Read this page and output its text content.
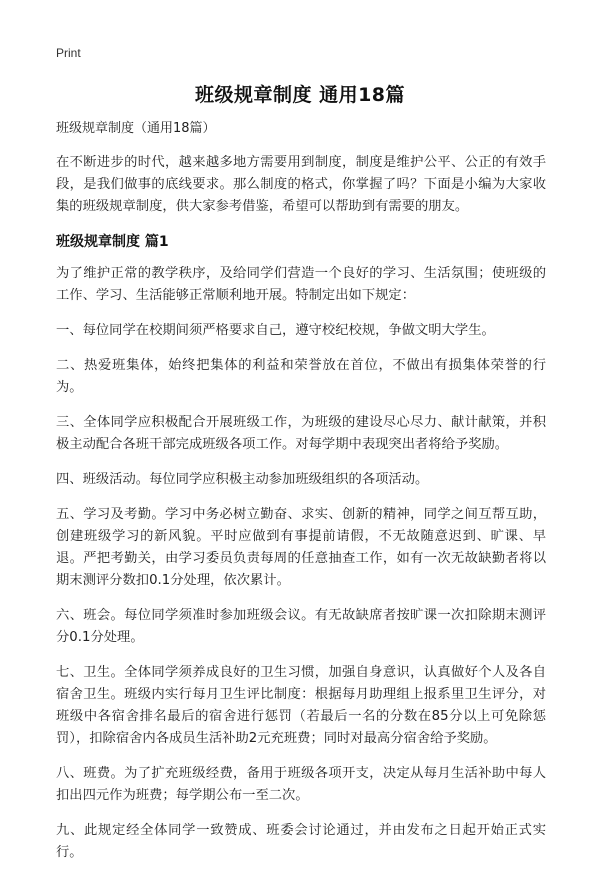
Print
班级规章制度 通用18篇
班级规章制度（通用18篇）

在不断进步的时代，越来越多地方需要用到制度，制度是维护公平、公正的有效手段，是我们做事的底线要求。那么制度的格式，你掌握了吗？下面是小编为大家收集的班级规章制度，供大家参考借鉴，希望可以帮助到有需要的朋友。

班级规章制度 篇1

为了维护正常的教学秩序，及给同学们营造一个良好的学习、生活氛围；使班级的工作、学习、生活能够正常顺利地开展。特制定出如下规定：

一、每位同学在校期间须严格要求自己，遵守校纪校规，争做文明大学生。

二、热爱班集体，始终把集体的利益和荣誉放在首位，不做出有损集体荣誉的行为。

三、全体同学应积极配合开展班级工作，为班级的建设尽心尽力、献计献策，并积极主动配合各班干部完成班级各项工作。对每学期中表现突出者将给予奖励。

四、班级活动。每位同学应积极主动参加班级组织的各项活动。

五、学习及考勤。学习中务必树立勤奋、求实、创新的精神，同学之间互帮互助，创建班级学习的新风貌。平时应做到有事提前请假，不无故随意迟到、旷课、早退。严把考勤关，由学习委员负责每周的任意抽查工作，如有一次无故缺勤者将以期末测评分数扣0.1分处理，依次累计。

六、班会。每位同学须准时参加班级会议。有无故缺席者按旷课一次扣除期末测评分0.1分处理。

七、卫生。全体同学须养成良好的卫生习惯，加强自身意识，认真做好个人及各自宿舍卫生。班级内实行每月卫生评比制度：根据每月助理组上报系里卫生评分，对班级中各宿舍排名最后的宿舍进行惩罚（若最后一名的分数在85分以上可免除惩罚），扣除宿舍内各成员生活补助2元充班费；同时对最高分宿舍给予奖励。

八、班费。为了扩充班级经费，备用于班级各项开支，决定从每月生活补助中每人扣出四元作为班费；每学期公布一至二次。

九、此规定经全体同学一致赞成、班委会讨论通过，并由发布之日起开始正式实行。
